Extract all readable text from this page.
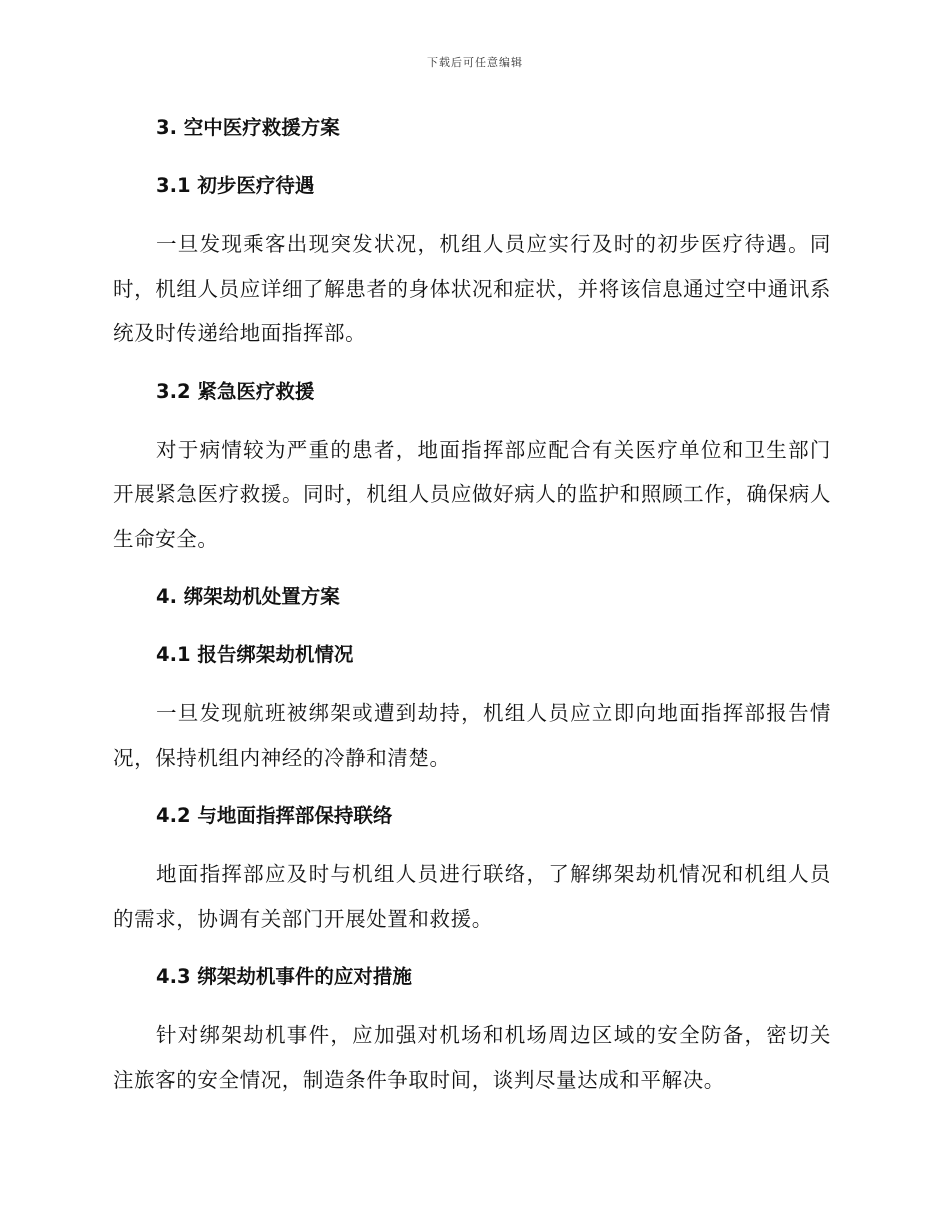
下载后可任意编辑
3. 空中医疗救援方案
3.1 初步医疗待遇

一旦发现乘客出现突发状况，机组人员应实行及时的初步医疗待遇。同时，机组人员应详细了解患者的身体状况和症状，并将该信息通过空中通讯系统及时传递给地面指挥部。

3.2 紧急医疗救援

对于病情较为严重的患者，地面指挥部应配合有关医疗单位和卫生部门开展紧急医疗救援。同时，机组人员应做好病人的监护和照顾工作，确保病人生命安全。

4. 绑架劫机处置方案
4.1 报告绑架劫机情况

一旦发现航班被绑架或遭到劫持，机组人员应立即向地面指挥部报告情况，保持机组内神经的冷静和清楚。

4.2 与地面指挥部保持联络

地面指挥部应及时与机组人员进行联络，了解绑架劫机情况和机组人员的需求，协调有关部门开展处置和救援。

4.3 绑架劫机事件的应对措施

针对绑架劫机事件，应加强对机场和机场周边区域的安全防备，密切关注旅客的安全情况，制造条件争取时间，谈判尽量达成和平解决。
